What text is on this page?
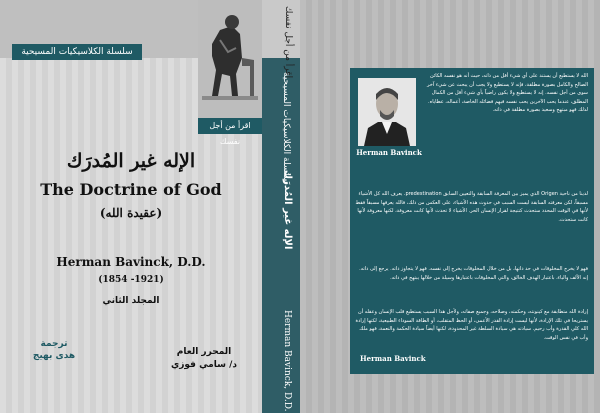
سلسلة الكلاسيكيات المسيحية
اقرأ من أجل نفسك
الإله غير المُدرَك
The Doctrine of God
(عقيدة الله)
Herman Bavinck, D.D.
(1854 -1921)
المجلد الثاني
ترجمة
هدى بهيج	المحرر العام
د/ سامي فوزي
اقرأ من أجل نفسك
سلسلة الكلاسيكيات المسيحية
الإله غير المُدرَك
Herman Bavinck, D.D.
Herman Bavinck
الله لا يستطيع أن يستند على أي شيء أقل من ذاته، حيث أنه هو نفسه الكائن الصالح والكامل بصورة مطلقة، فإنه لا يستطيع ولا يجب أن يبحث عن شيء آخر سوى من أجل نفسه. إنه لا يستطيع ولا يكون راضياً بأي شيء أقل من الكمال المطلق، عندما يحب الآخرين يحب نفسه فيهم فضائله الخاصة، أعماله، عطاياه. لذلك فهو مبتهج وسعيد بصورة مطلقة في ذاته.
لدينا من ناحية Origen الذي يميز بين المعرفة السابقة والتعيين السابق predestination. يعرف الله كل الأشياء مسبقاً، لكن معرفته السابقة ليست السبب في حدوث هذه الأشياء، على العكس من ذلك، فالله يعرفها مسبقاً فقط لأنها في الوقت المحدد ستحدث كنتيجة لقرار الإنسان الحر. الأشياء لا تحدث لأنها كانت معروفة، لكنها معروفة لأنها كانت ستحدث.
فهو لا يخرج المخلوقات في حد ذاتها، بل من خلال المخلوقات يخرج إلى نفسه. فهو لا يتجاوز ذاته. يرجع إلى ذاته. إنه الألف والياء، باعتبار الهدف الخالق، والتي المخلوقات باعتبارها وسيلة من خلالها يبتهج في ذاته.
إرادة الله متطابقة مع كينونته، وحكمته، وصلاحه، وجميع صفاته، ولأجل هذا السبب يستطيع قلب الإنسان وعقله أن يستريحا في تلك الإرادة، لأنها ليست إرادة القدر الأعمى، أو الحظ المتقلب، أو الطاقة السوداء الطبيعية، لكنها إرادة الله كلي القدرة وأب رحيم. سيادته هي سيادة السلطة غير المحدودة، لكنها أيضاً سيادة الحكمة والنعمة، فهو ملك وأب في نفس الوقت.
Herman Bavinck
